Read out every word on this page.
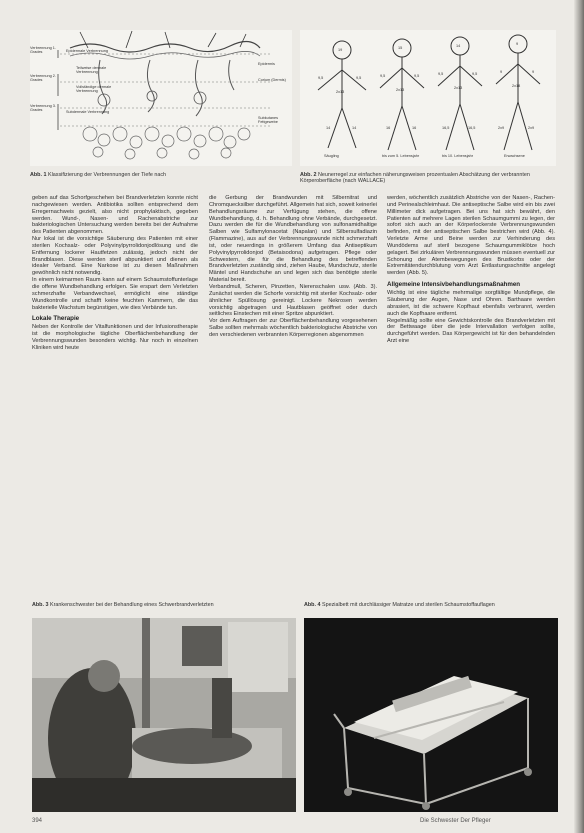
Verbrennung 1. Grades
Verbrennung 2. Grades
Verbrennung 3. Grades
Epidermale Verbrennung
Teilweise dermale Verbrennung
Vollständige dermale Verbrennung
Subdermale Verbrennung
Epidermis
Corium (Dermis)
Subkutanes Fettgewebe
Abb. 1 Klassifizierung der Verbrennungen der Tiefe nach
19
9,5	9,5
2x13
14	14
Säugling
15
9,5	9,5
2x13
16	16
bis zum 5. Lebensjahr
14
9,5	9,5
2x13
16,5	16,5
bis 10. Lebensjahr
9
9	9
2x18
2x9	2x9
Erwachsene
Abb. 2 Neunerregel zur einfachen näherungsweisen prozentualen Abschätzung der verbrannten Körperoberfläche (nach WALLACE)

geben auf das Schorfgeschehen bei Brandverletzten konnte nicht nachgewiesen werden. Antibiotika sollten entsprechend dem Erregernachweis gezielt, also nicht prophylaktisch, gegeben werden. Wund-, Nasen- und Rachenabstriche zur bakteriologischen Untersuchung werden bereits bei der Aufnahme des Patienten abgenommen.

Nur lokal ist die vorsichtige Säuberung des Patienten mit einer sterilen Kochsalz- oder Polyvinylpyrrolidonjodlösung und die Entfernung lockerer Hautfetzen zulässig, jedoch nicht der Brandblasen. Diese werden steril abpunktiert und dienen als idealer Verband. Eine Narkose ist zu diesen Maßnahmen gewöhnlich nicht notwendig.

In einem keimarmen Raum kann auf einem Schaumstoffunterlage die offene Wundbehandlung erfolgen. Sie erspart dem Verletzten schmerzhafte Verbandwechsel, ermöglicht eine ständige Wundkontrolle und schafft keine feuchten Kammern, die das bakterielle Wachstum begünstigen, wie dies Verbände tun.

Lokale Therapie

Neben der Kontrolle der Vitalfunktionen und der Infusionstherapie ist die morphologische tägliche Oberflächenbehandlung der Verbrennungswunden besonders wichtig. Nur noch in einzelnen Kliniken wird heute

die Gerbung der Brandwunden mit Silbernitrat und Chromquecksilber durchgeführt. Allgemein hat sich, soweit keinerlei Behandlungsräume zur Verfügung stehen, die offene Wundbehandlung, d. h. Behandlung ohne Verbände, durchgesetzt. Dazu werden die für die Wundbehandlung von sulfonamidhaltige Salben wie Sulfamylonacetat (Napalan) und Silbersulfadiazin (Flammazine), aus auf der Verbrennungswunde nicht schmerzhaft ist, oder neuerdings in größerem Umfang das Antiseptikum Polyvinylpyrrolidonjod (Betaisodona) aufgetragen. Pflege oder Schwestern, die für die Behandlung des betreffenden Brandverletzten zuständig sind, ziehen Haube, Mundschutz, sterile Mäntel und Handschuhe an und legen sich das benötigte sterile Material bereit.

Verbandmull, Scheren, Pinzetten, Nierenschalen usw. (Abb. 3). Zunächst werden die Schorfe vorsichtig mit steriler Kochsalz- oder ähnlicher Spüllösung gereinigt. Lockere Nekrosen werden vorsichtig abgetragen und Hautblasen geöffnet oder durch seitliches Einstechen mit einer Spritze abpunktiert.

Vor dem Auftragen der zur Oberflächenbehandlung vorgesehenen Salbe sollten mehrmals wöchentlich bakteriologische Abstriche von den verschiedenen verbrannten Körperregionen abgenommen

werden, wöchentlich zusätzlich Abstriche von der Nasen-, Rachen- und Perinealschleimhaut. Die antiseptische Salbe wird ein bis zwei Millimeter dick aufgetragen. Bei uns hat sich bewährt, den Patienten auf mehrere Lagen sterilen Schaumgummi zu legen, der sofort sich auch an der Körperlockerste Verbrennungswunden befinden, mit der antiseptischen Salbe bestrichen wird (Abb. 4). Verletzte Arme und Beine werden zur Verhinderung des Wundödems auf steril bezogene Schaumgummiklötze hoch gelagert. Bei zirkulären Verbrennungswunden müssen eventuell zur Schonung der Atembewegungen des Brustkorbs oder der Extremitätendurchblutung vom Arzt Entlastungsschnitte angelegt werden (Abb. 5).

Allgemeine Intensivbehandlungsmaßnahmen

Wichtig ist eine tägliche mehrmalige sorgfältige Mundpflege, die Säuberung der Augen, Nase und Ohren. Barthaare werden abrasiert, ist die schwere Kopfhaut ebenfalls verbrannt, werden auch die Kopfhaare entfernt.

Regelmäßig sollte eine Gewichtskontrolle des Brandverletzten mit der Bettwaage über die jede Intervallation verfolgen sollte, durchgeführt werden. Das Körpergewicht ist für den behandelnden Arzt eine

Abb. 3 Krankenschwester bei der Behandlung eines Schwerbrandverletzten	Abb. 4 Spezialbett mit durchlässiger Matratze und sterilen Schaumstoffauflagen
394	Die Schwester Der Pfleger
